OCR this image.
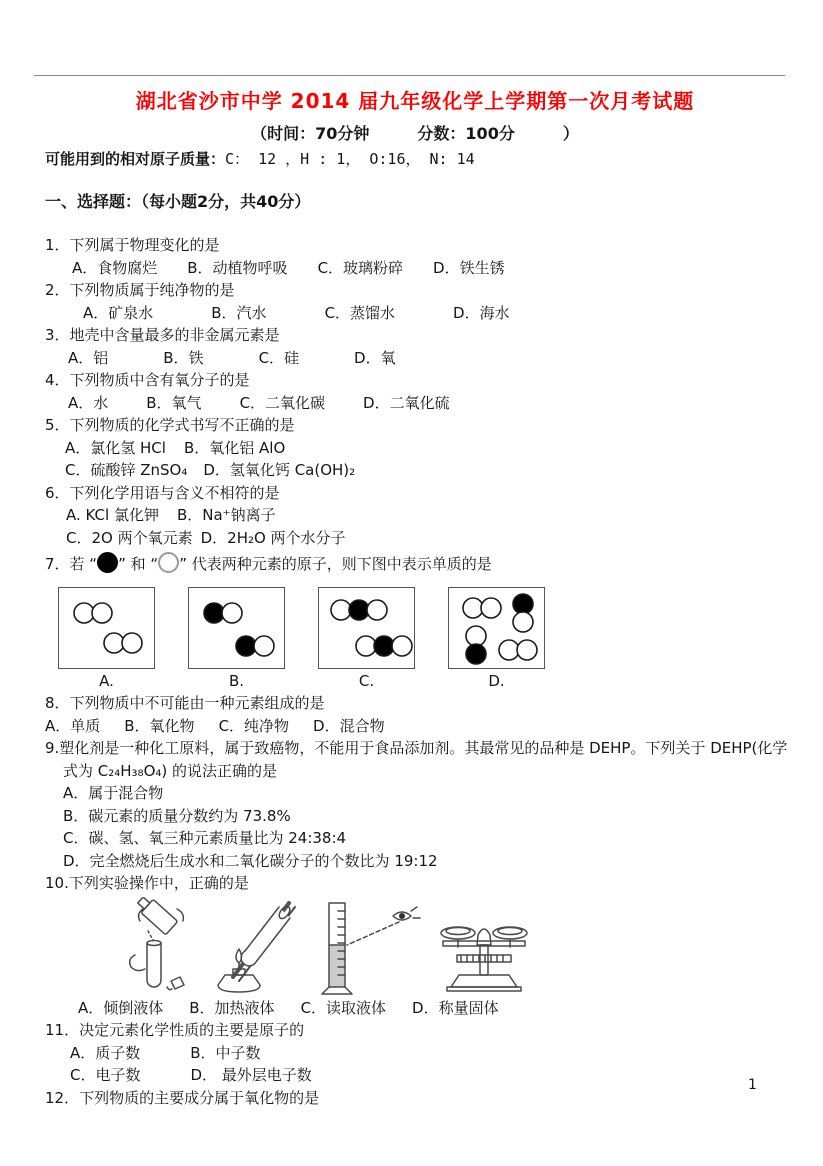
湖北省沙市中学 2014 届九年级化学上学期第一次月考试题
（时间：70分钟　　　分数：100分　　　）
可能用到的相对原子质量：C： 12 ，H : 1， O:16， N: 14
一、选择题：（每小题2分，共40分）
1．下列属于物理变化的是
A．食物腐烂 B．动植物呼吸 C．玻璃粉碎 D．铁生锈
2．下列物质属于纯净物的是
A．矿泉水	B．汽水	C．蒸馏水	D．海水
3．地壳中含量最多的非金属元素是
A．铝	B．铁	C．硅	D．氧
4．下列物质中含有氧分子的是
A．水	B．氧气	C．二氧化碳	D．二氧化硫
5．下列物质的化学式书写不正确的是
A．氯化氢 HCl B．氧化铝 AlO
C．硫酸锌 ZnSO₄ D．氢氧化钙 Ca(OH)₂
6．下列化学用语与含义不相符的是
A. KCl 氯化钾 B．Na⁺钠离子
C．2O 两个氧元素 D．2H₂O 两个水分子
7．若 “ ” 和 “ ” 代表两种元素的原子，则下图中表示单质的是
A.	B.	C.	D.
8．下列物质中不可能由一种元素组成的是
A．单质 B．氧化物 C．纯净物 D．混合物
9.塑化剂是一种化工原料，属于致癌物，不能用于食品添加剂。其最常见的品种是 DEHP。下列关于 DEHP(化学
式为 C₂₄H₃₈O₄) 的说法正确的是
A．属于混合物
B．碳元素的质量分数约为 73.8%
C．碳、氢、氧三种元素质量比为 24:38:4
D．完全燃烧后生成水和二氧化碳分子的个数比为 19:12
10.下列实验操作中，正确的是
A．倾倒液体 B．加热液体 C．读取液体 D．称量固体
11．决定元素化学性质的主要是原子的
A．质子数	B．中子数
C．电子数	D． 最外层电子数
12．下列物质的主要成分属于氧化物的是
1
